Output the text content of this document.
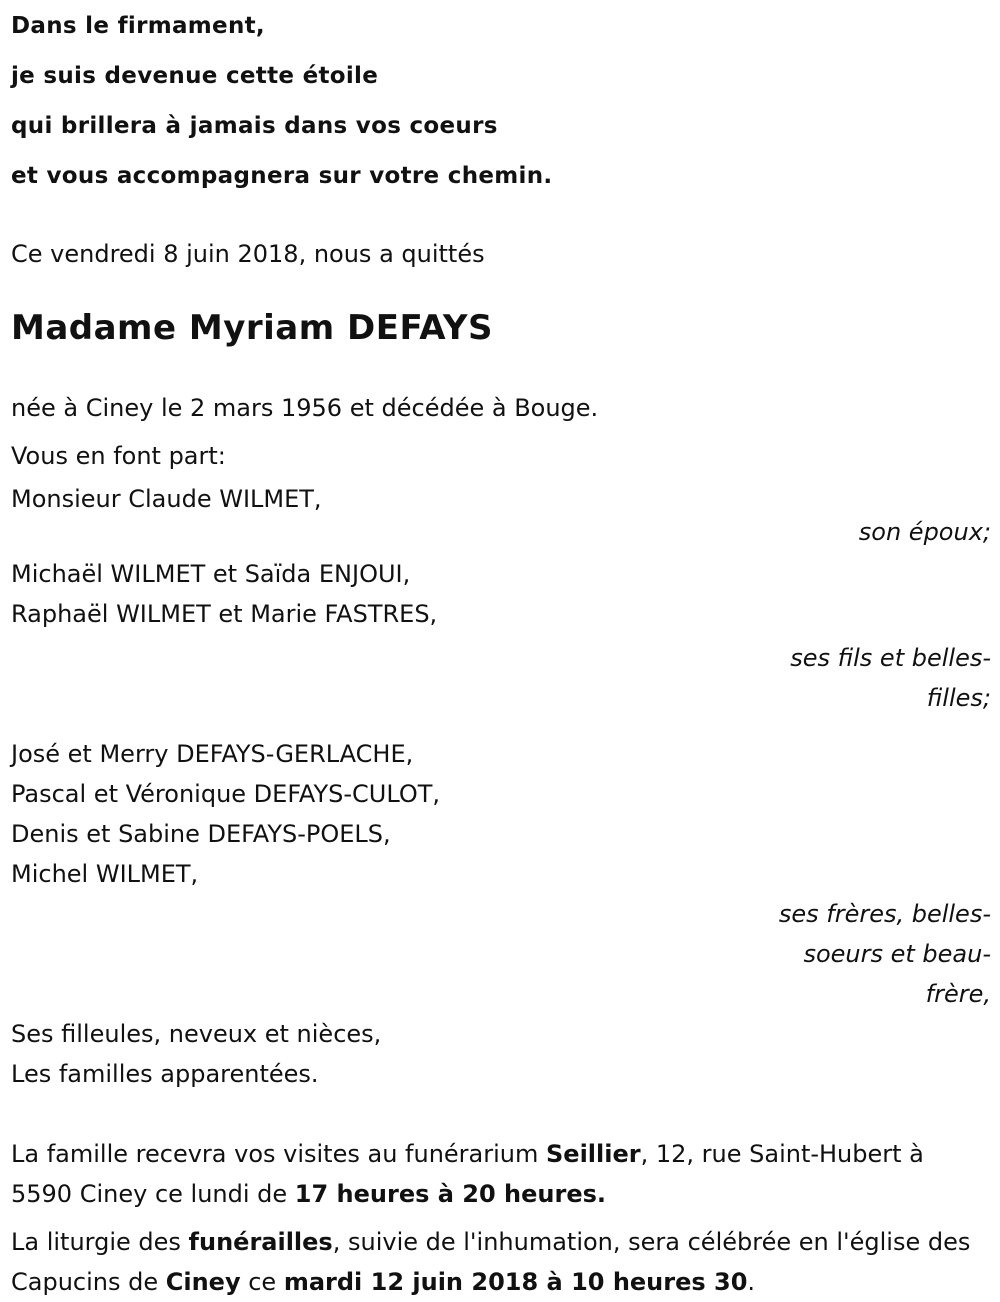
Dans le firmament,
je suis devenue cette étoile
qui brillera à jamais dans vos coeurs
et vous accompagnera sur votre chemin.
Ce vendredi 8 juin 2018, nous a quittés
Madame Myriam DEFAYS
née à Ciney le 2 mars 1956 et décédée à Bouge.
Vous en font part:
Monsieur Claude WILMET,
son époux;
Michaël WILMET et Saïda ENJOUI,
Raphaël WILMET et Marie FASTRES,
ses fils et belles-filles;
José et Merry DEFAYS-GERLACHE,
Pascal et Véronique DEFAYS-CULOT,
Denis et Sabine DEFAYS-POELS,
Michel WILMET,
ses frères, belles-soeurs et beau-frère,
Ses filleules, neveux et nièces,
Les familles apparentées.
La famille recevra vos visites au funérarium Seillier, 12, rue Saint-Hubert à 5590 Ciney ce lundi de 17 heures à 20 heures.
La liturgie des funérailles, suivie de l'inhumation, sera célébrée en l'église des Capucins de Ciney ce mardi 12 juin 2018 à 10 heures 30.
